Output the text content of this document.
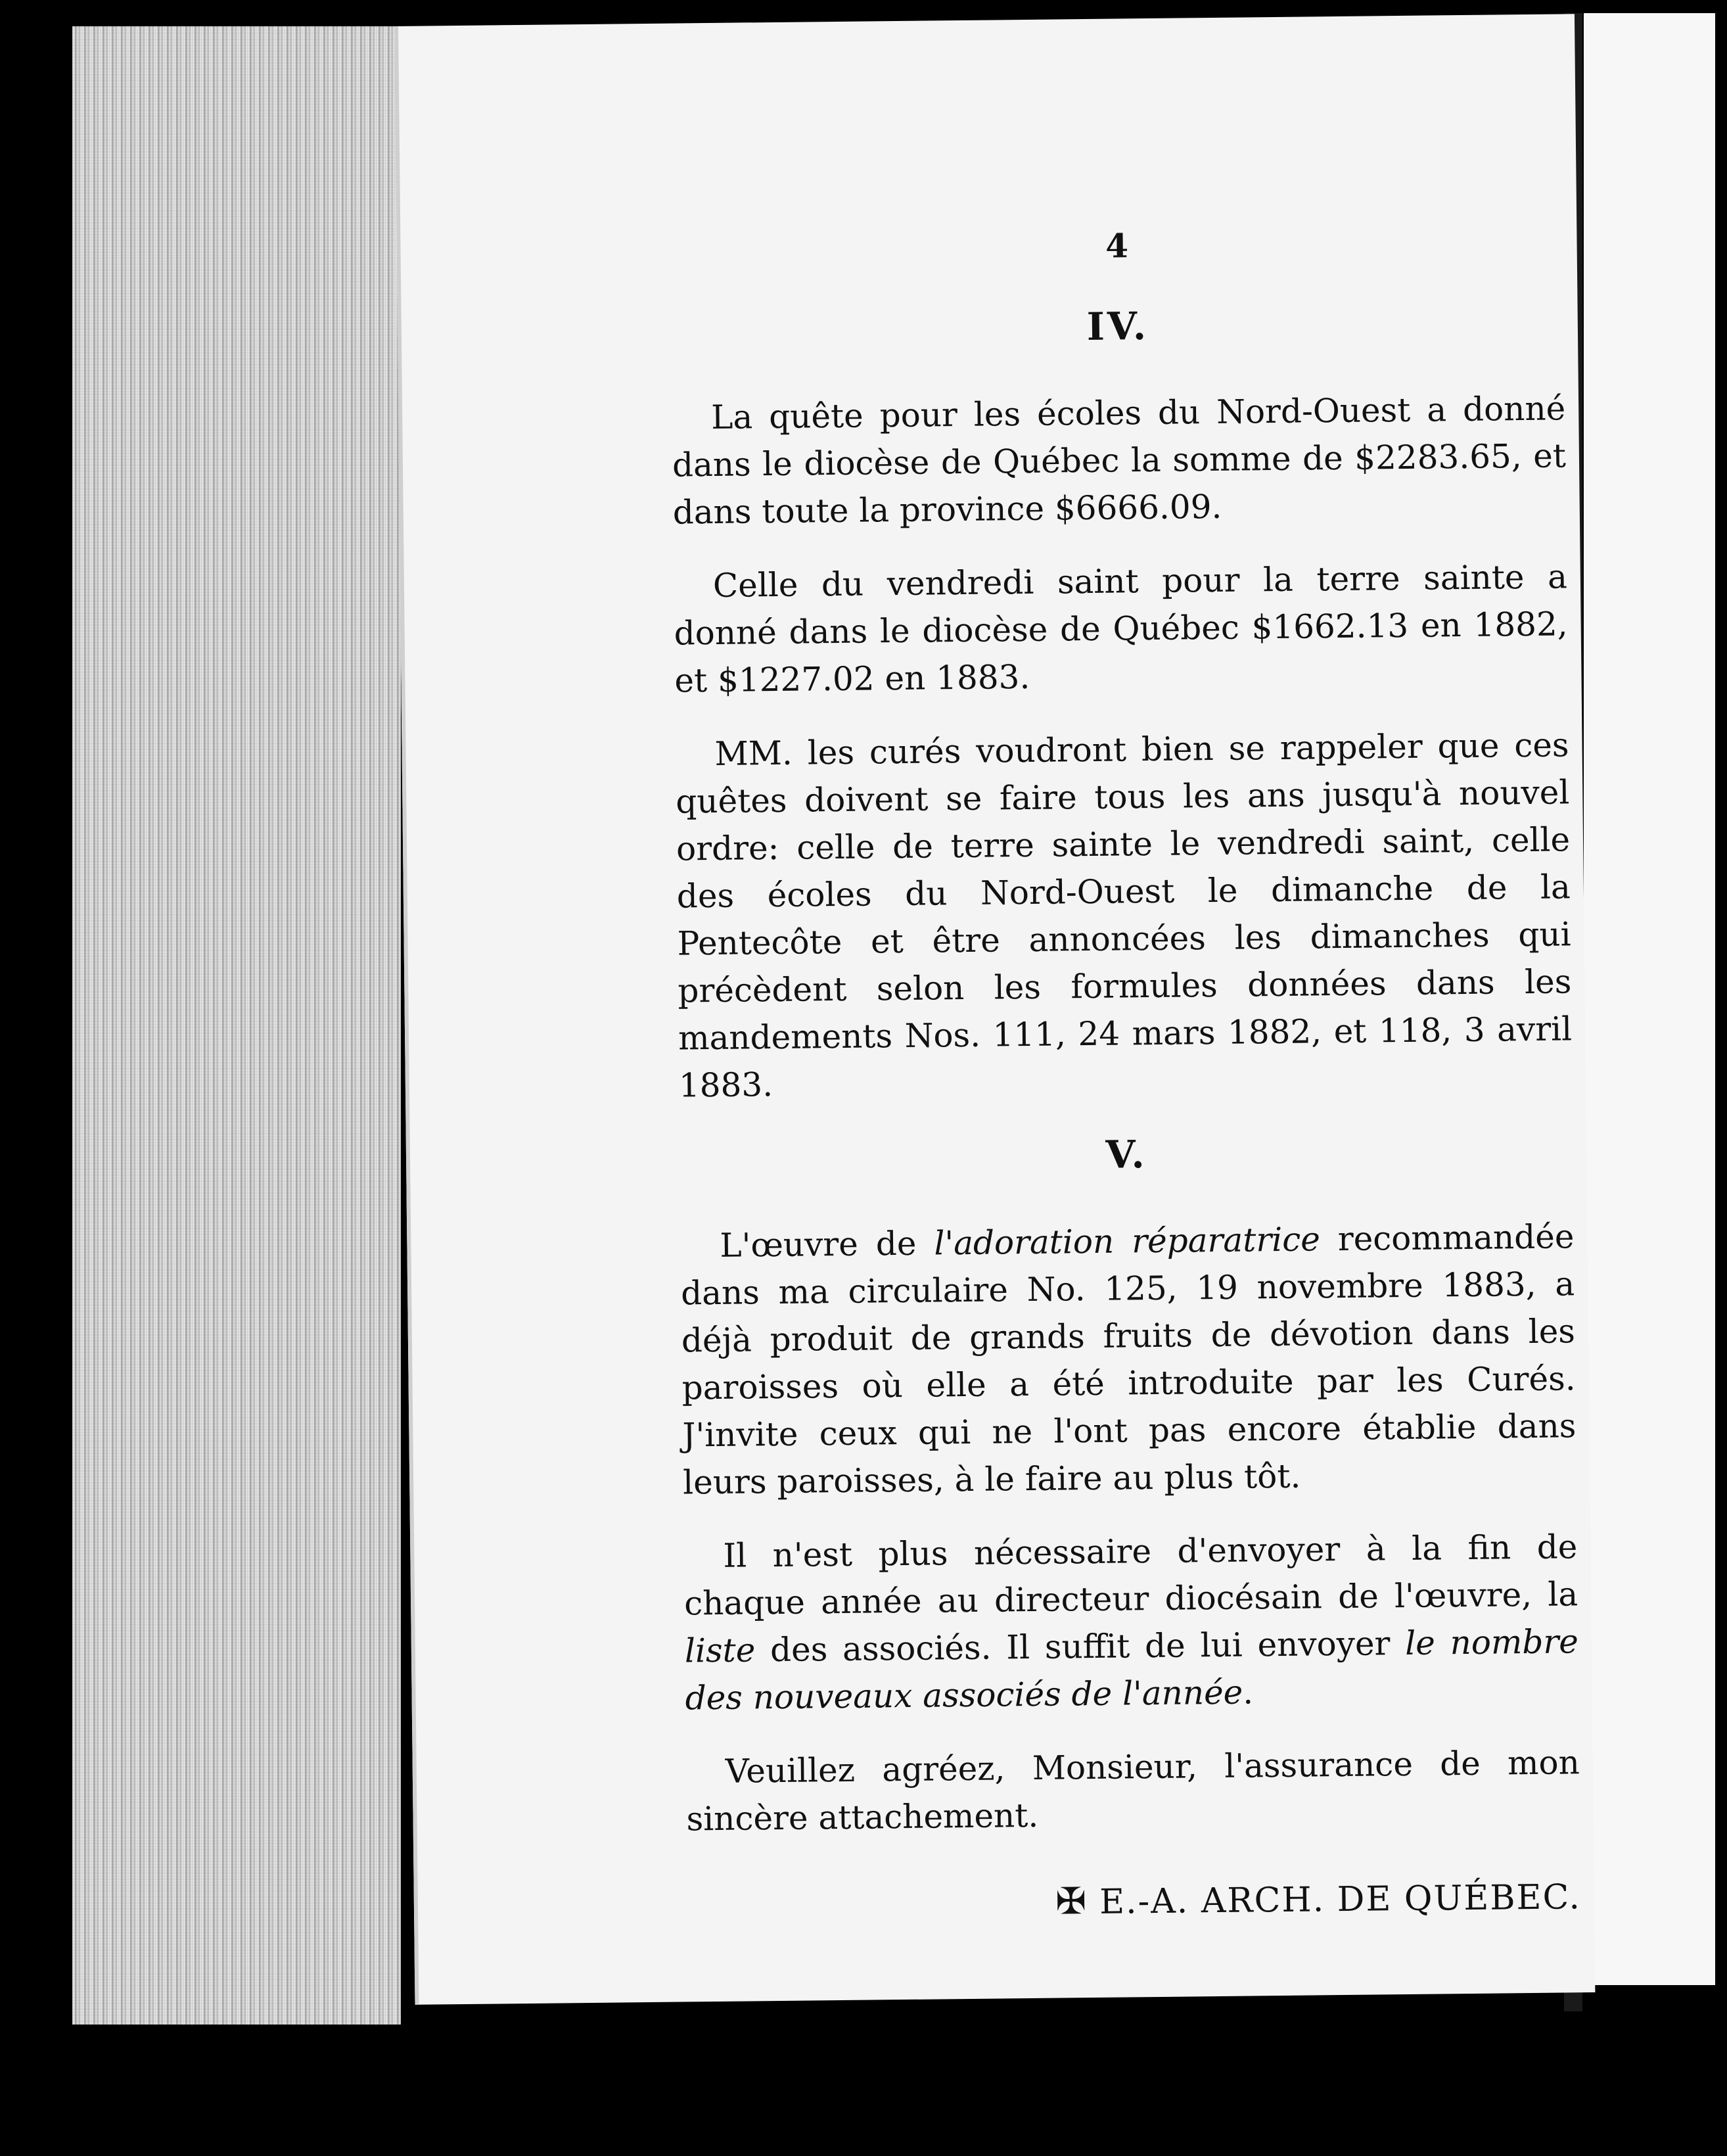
4
IV.

La quête pour les écoles du Nord-Ouest a donné dans le diocèse de Québec la somme de $2283.65, et dans toute la province $6666.09.

Celle du vendredi saint pour la terre sainte a donné dans le diocèse de Québec $1662.13 en 1882, et $1227.02 en 1883.

MM. les curés voudront bien se rappeler que ces quêtes doivent se faire tous les ans jusqu'à nouvel ordre: celle de terre sainte le vendredi saint, celle des écoles du Nord-Ouest le dimanche de la Pentecôte et être annoncées les dimanches qui précèdent selon les formules données dans les mandements Nos. 111, 24 mars 1882, et 118, 3 avril 1883.

V.

L'œuvre de l'adoration réparatrice recommandée dans ma circulaire No. 125, 19 novembre 1883, a déjà produit de grands fruits de dévotion dans les paroisses où elle a été introduite par les Curés. J'invite ceux qui ne l'ont pas encore établie dans leurs paroisses, à le faire au plus tôt.

Il n'est plus nécessaire d'envoyer à la fin de chaque année au directeur diocésain de l'œuvre, la liste des associés. Il suffit de lui envoyer le nombre des nouveaux associés de l'année.

Veuillez agréez, Monsieur, l'assurance de mon sincère attachement.

✠ E.-A. ARCH. DE QUÉBEC.
